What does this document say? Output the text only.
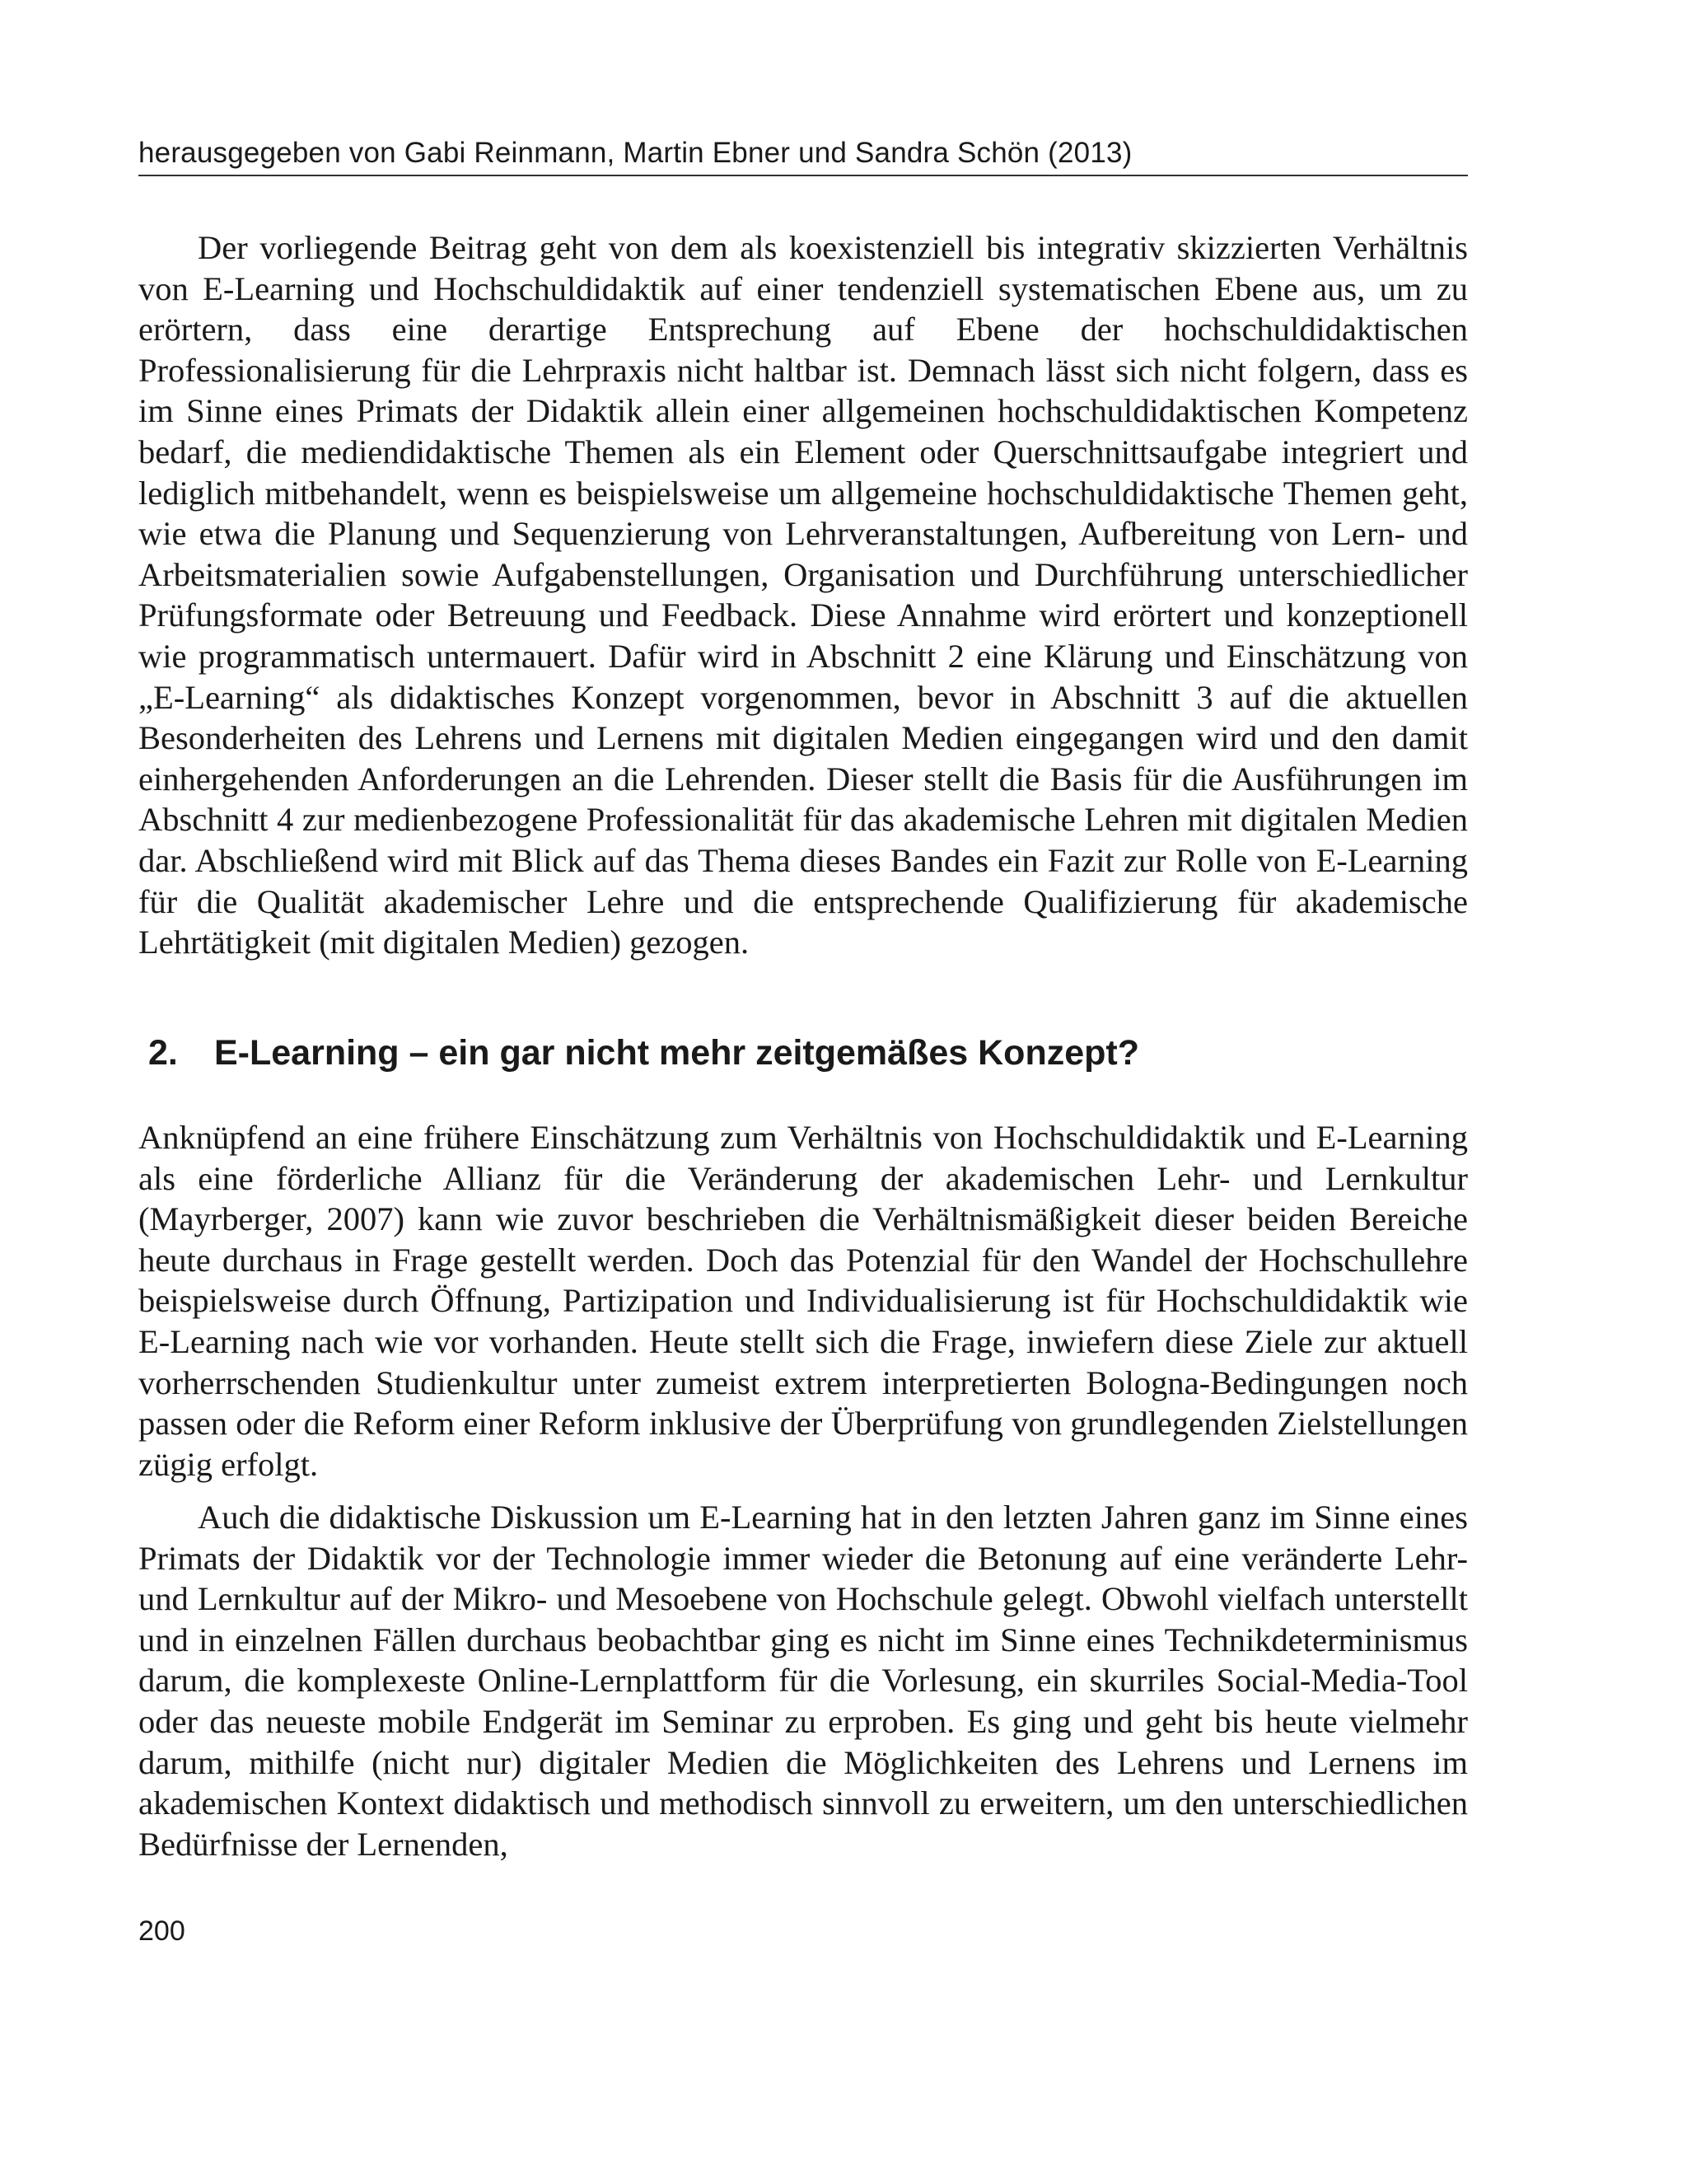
herausgegeben von Gabi Reinmann, Martin Ebner und Sandra Schön (2013)

Der vorliegende Beitrag geht von dem als koexistenziell bis integrativ skizzierten Verhältnis von E-Learning und Hochschuldidaktik auf einer tendenziell systematischen Ebene aus, um zu erörtern, dass eine derartige Entsprechung auf Ebene der hochschuldidaktischen Professionalisierung für die Lehrpraxis nicht haltbar ist. Demnach lässt sich nicht folgern, dass es im Sinne eines Primats der Didaktik allein einer allgemeinen hochschuldidaktischen Kompetenz bedarf, die mediendidaktische Themen als ein Element oder Querschnittsaufgabe integriert und lediglich mitbehandelt, wenn es beispielsweise um allgemeine hochschuldidaktische Themen geht, wie etwa die Planung und Sequenzierung von Lehrveranstaltungen, Aufbereitung von Lern- und Arbeitsmaterialien sowie Aufgabenstellungen, Organisation und Durchführung unterschiedlicher Prüfungsformate oder Betreuung und Feedback. Diese Annahme wird erörtert und konzeptionell wie programmatisch untermauert. Dafür wird in Abschnitt 2 eine Klärung und Einschätzung von „E-Learning“ als didaktisches Konzept vorgenommen, bevor in Abschnitt 3 auf die aktuellen Besonderheiten des Lehrens und Lernens mit digitalen Medien eingegangen wird und den damit einhergehenden Anforderungen an die Lehrenden. Dieser stellt die Basis für die Ausführungen im Abschnitt 4 zur medienbezogene Professionalität für das akademische Lehren mit digitalen Medien dar. Abschließend wird mit Blick auf das Thema dieses Bandes ein Fazit zur Rolle von E-Learning für die Qualität akademischer Lehre und die entsprechende Qualifizierung für akademische Lehrtätigkeit (mit digitalen Medien) gezogen.

2. E-Learning – ein gar nicht mehr zeitgemäßes Konzept?

Anknüpfend an eine frühere Einschätzung zum Verhältnis von Hochschuldidaktik und E-Learning als eine förderliche Allianz für die Veränderung der akademischen Lehr- und Lernkultur (Mayrberger, 2007) kann wie zuvor beschrieben die Verhältnismäßigkeit dieser beiden Bereiche heute durchaus in Frage gestellt werden. Doch das Potenzial für den Wandel der Hochschullehre beispielsweise durch Öffnung, Partizipation und Individualisierung ist für Hochschuldidaktik wie E-Learning nach wie vor vorhanden. Heute stellt sich die Frage, inwiefern diese Ziele zur aktuell vorherrschenden Studienkultur unter zumeist extrem interpretierten Bologna-Bedingungen noch passen oder die Reform einer Reform inklusive der Überprüfung von grundlegenden Zielstellungen zügig erfolgt.

Auch die didaktische Diskussion um E-Learning hat in den letzten Jahren ganz im Sinne eines Primats der Didaktik vor der Technologie immer wieder die Betonung auf eine veränderte Lehr- und Lernkultur auf der Mikro- und Mesoebene von Hochschule gelegt. Obwohl vielfach unterstellt und in einzelnen Fällen durchaus beobachtbar ging es nicht im Sinne eines Technikdeterminismus darum, die komplexeste Online-Lernplattform für die Vorlesung, ein skurriles Social-Media-Tool oder das neueste mobile Endgerät im Seminar zu erproben. Es ging und geht bis heute vielmehr darum, mithilfe (nicht nur) digitaler Medien die Möglichkeiten des Lehrens und Lernens im akademischen Kontext didaktisch und methodisch sinnvoll zu erweitern, um den unterschiedlichen Bedürfnisse der Lernenden,

200
